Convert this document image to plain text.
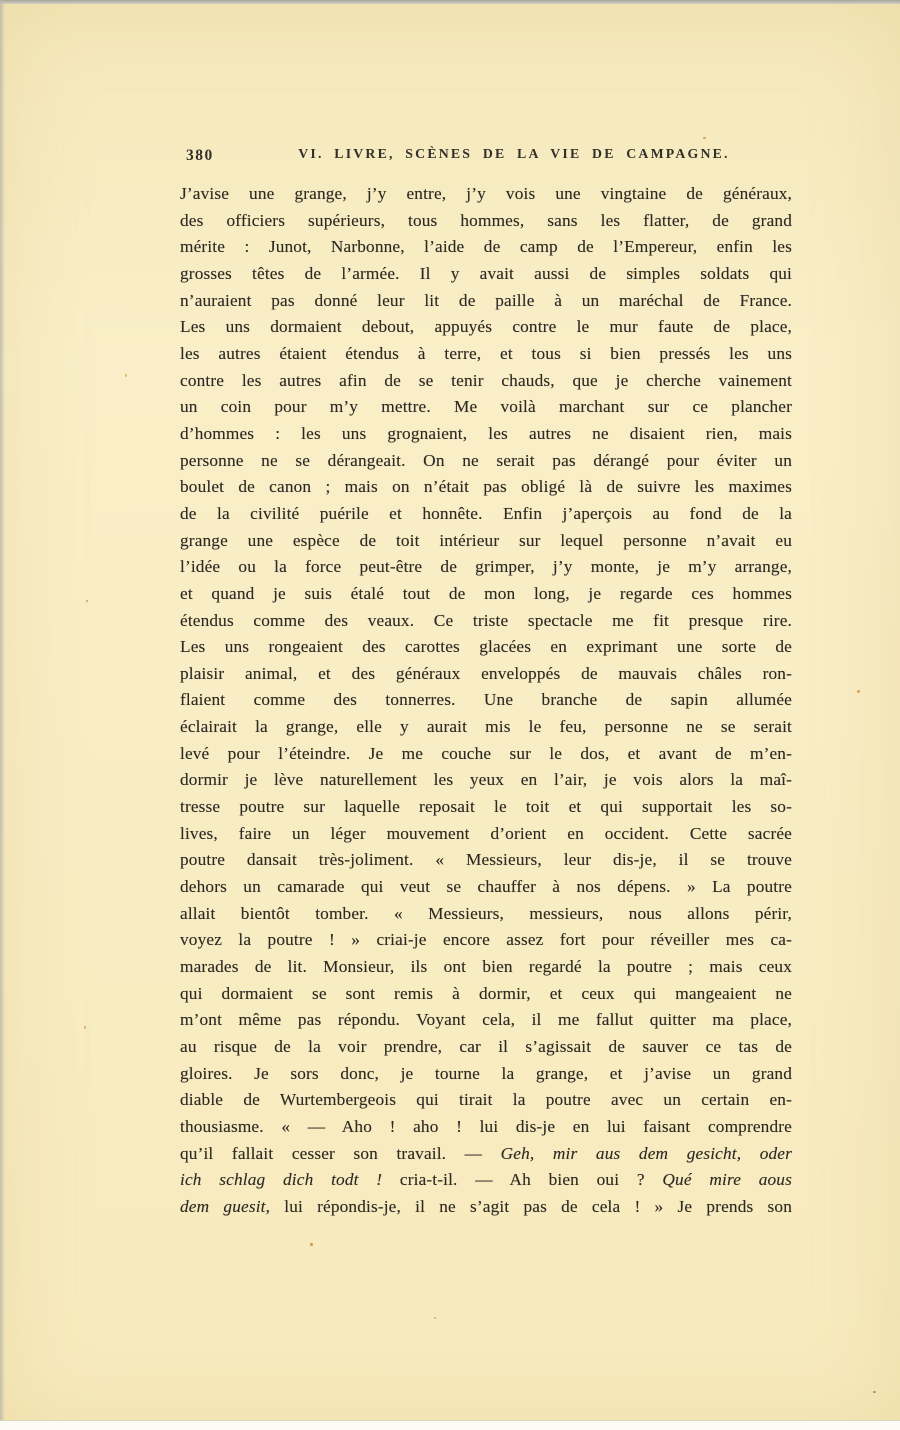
380	VI. LIVRE, SCÈNES DE LA VIE DE CAMPAGNE.
J’avise une grange, j’y entre, j’y vois une vingtaine de généraux,
des officiers supérieurs, tous hommes, sans les flatter, de grand
mérite : Junot, Narbonne, l’aide de camp de l’Empereur, enfin les
grosses têtes de l’armée. Il y avait aussi de simples soldats qui
n’auraient pas donné leur lit de paille à un maréchal de France.
Les uns dormaient debout, appuyés contre le mur faute de place,
les autres étaient étendus à terre, et tous si bien pressés les uns
contre les autres afin de se tenir chauds, que je cherche vainement
un coin pour m’y mettre. Me voilà marchant sur ce plancher
d’hommes : les uns grognaient, les autres ne disaient rien, mais
personne ne se dérangeait. On ne serait pas dérangé pour éviter un
boulet de canon ; mais on n’était pas obligé là de suivre les maximes
de la civilité puérile et honnête. Enfin j’aperçois au fond de la
grange une espèce de toit intérieur sur lequel personne n’avait eu
l’idée ou la force peut-être de grimper, j’y monte, je m’y arrange,
et quand je suis étalé tout de mon long, je regarde ces hommes
étendus comme des veaux. Ce triste spectacle me fit presque rire.
Les uns rongeaient des carottes glacées en exprimant une sorte de
plaisir animal, et des généraux enveloppés de mauvais châles ron-
flaient comme des tonnerres. Une branche de sapin allumée
éclairait la grange, elle y aurait mis le feu, personne ne se serait
levé pour l’éteindre. Je me couche sur le dos, et avant de m’en-
dormir je lève naturellement les yeux en l’air, je vois alors la maî-
tresse poutre sur laquelle reposait le toit et qui supportait les so-
lives, faire un léger mouvement d’orient en occident. Cette sacrée
poutre dansait très-joliment. « Messieurs, leur dis-je, il se trouve
dehors un camarade qui veut se chauffer à nos dépens. » La poutre
allait bientôt tomber. « Messieurs, messieurs, nous allons périr,
voyez la poutre ! » criai-je encore assez fort pour réveiller mes ca-
marades de lit. Monsieur, ils ont bien regardé la poutre ; mais ceux
qui dormaient se sont remis à dormir, et ceux qui mangeaient ne
m’ont même pas répondu. Voyant cela, il me fallut quitter ma place,
au risque de la voir prendre, car il s’agissait de sauver ce tas de
gloires. Je sors donc, je tourne la grange, et j’avise un grand
diable de Wurtembergeois qui tirait la poutre avec un certain en-
thousiasme. « — Aho ! aho ! lui dis-je en lui faisant comprendre
qu’il fallait cesser son travail. — Geh, mir aus dem gesicht, oder
ich schlag dich todt ! cria-t-il. — Ah bien oui ? Qué mire aous
dem guesit, lui répondis-je, il ne s’agit pas de cela ! » Je prends son
